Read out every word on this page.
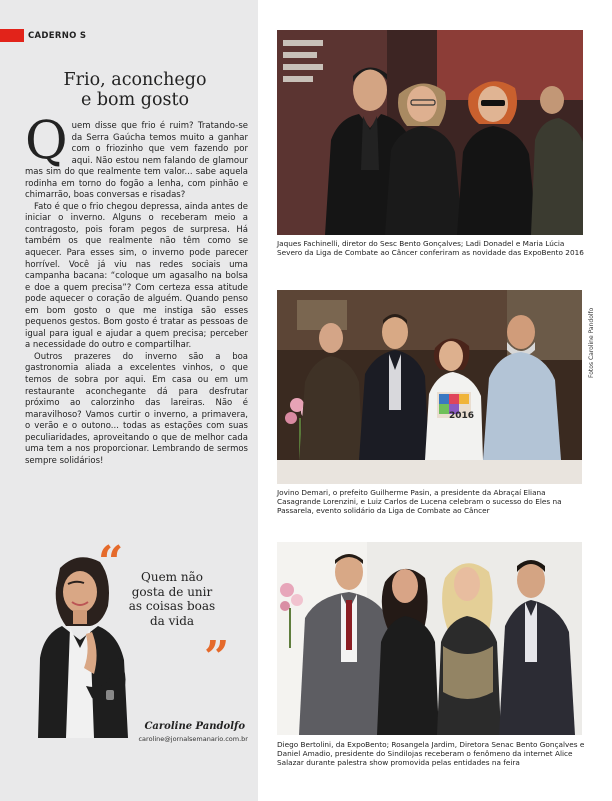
CADERNO S
Frio, aconchego
e bom gosto

Quem disse que frio é ruim? Tratando-se da Serra Gaúcha temos muito a ganhar com o friozinho que vem fazendo por aqui. Não estou nem falando de glamour mas sim do que realmente tem valor... sabe aquela rodinha em torno do fogão a lenha, com pinhão e chimarrão, boas conversas e risadas?

Fato é que o frio chegou depressa, ainda antes de iniciar o inverno. Alguns o receberam meio a contragosto, pois foram pegos de surpresa. Há também os que realmente não têm como se aquecer. Para esses sim, o inverno pode parecer horrível. Você já viu nas redes sociais uma campanha bacana: “coloque um agasalho na bolsa e doe a quem precisa”? Com certeza essa atitude pode aquecer o coração de alguém. Quando penso em bom gosto o que me instiga são esses pequenos gestos. Bom gosto é tratar as pessoas de igual para igual e ajudar a quem precisa; perceber a necessidade do outro e compartilhar.

Outros prazeres do inverno são a boa gastronomia aliada a excelentes vinhos, o que temos de sobra por aqui. Em casa ou em um restaurante aconchegante dá para desfrutar próximo ao calorzinho das lareiras. Não é maravilhoso? Vamos curtir o inverno, a primavera, o verão e o outono... todas as estações com suas peculiaridades, aproveitando o que de melhor cada uma tem a nos proporcionar. Lembrando de sermos sempre solidários!

“	Quem não
gosta de unir
as coisas boas
da vida
”
Caroline Pandolfo
caroline@jornalsemanario.com.br
Jaques Fachinelli, diretor do Sesc Bento Gonçalves; Ladi Donadel e Maria Lúcia Severo da Liga de Combate ao Câncer conferiram as novidade das ExpoBento 2016
2016
Fotos Caroline Pandolfo
Jovino Demari, o prefeito Guilherme Pasin, a presidente da Abraçaí Eliana Casagrande Lorenzini, e Luiz Carlos de Lucena celebram o sucesso do Eles na Passarela, evento solidário da Liga de Combate ao Câncer
Diego Bertolini, da ExpoBento; Rosangela Jardim, Diretora Senac Bento Gonçalves e Daniel Amadio, presidente do Sindilojas receberam o fenômeno da internet Alice Salazar durante palestra show promovida pelas entidades na feira
